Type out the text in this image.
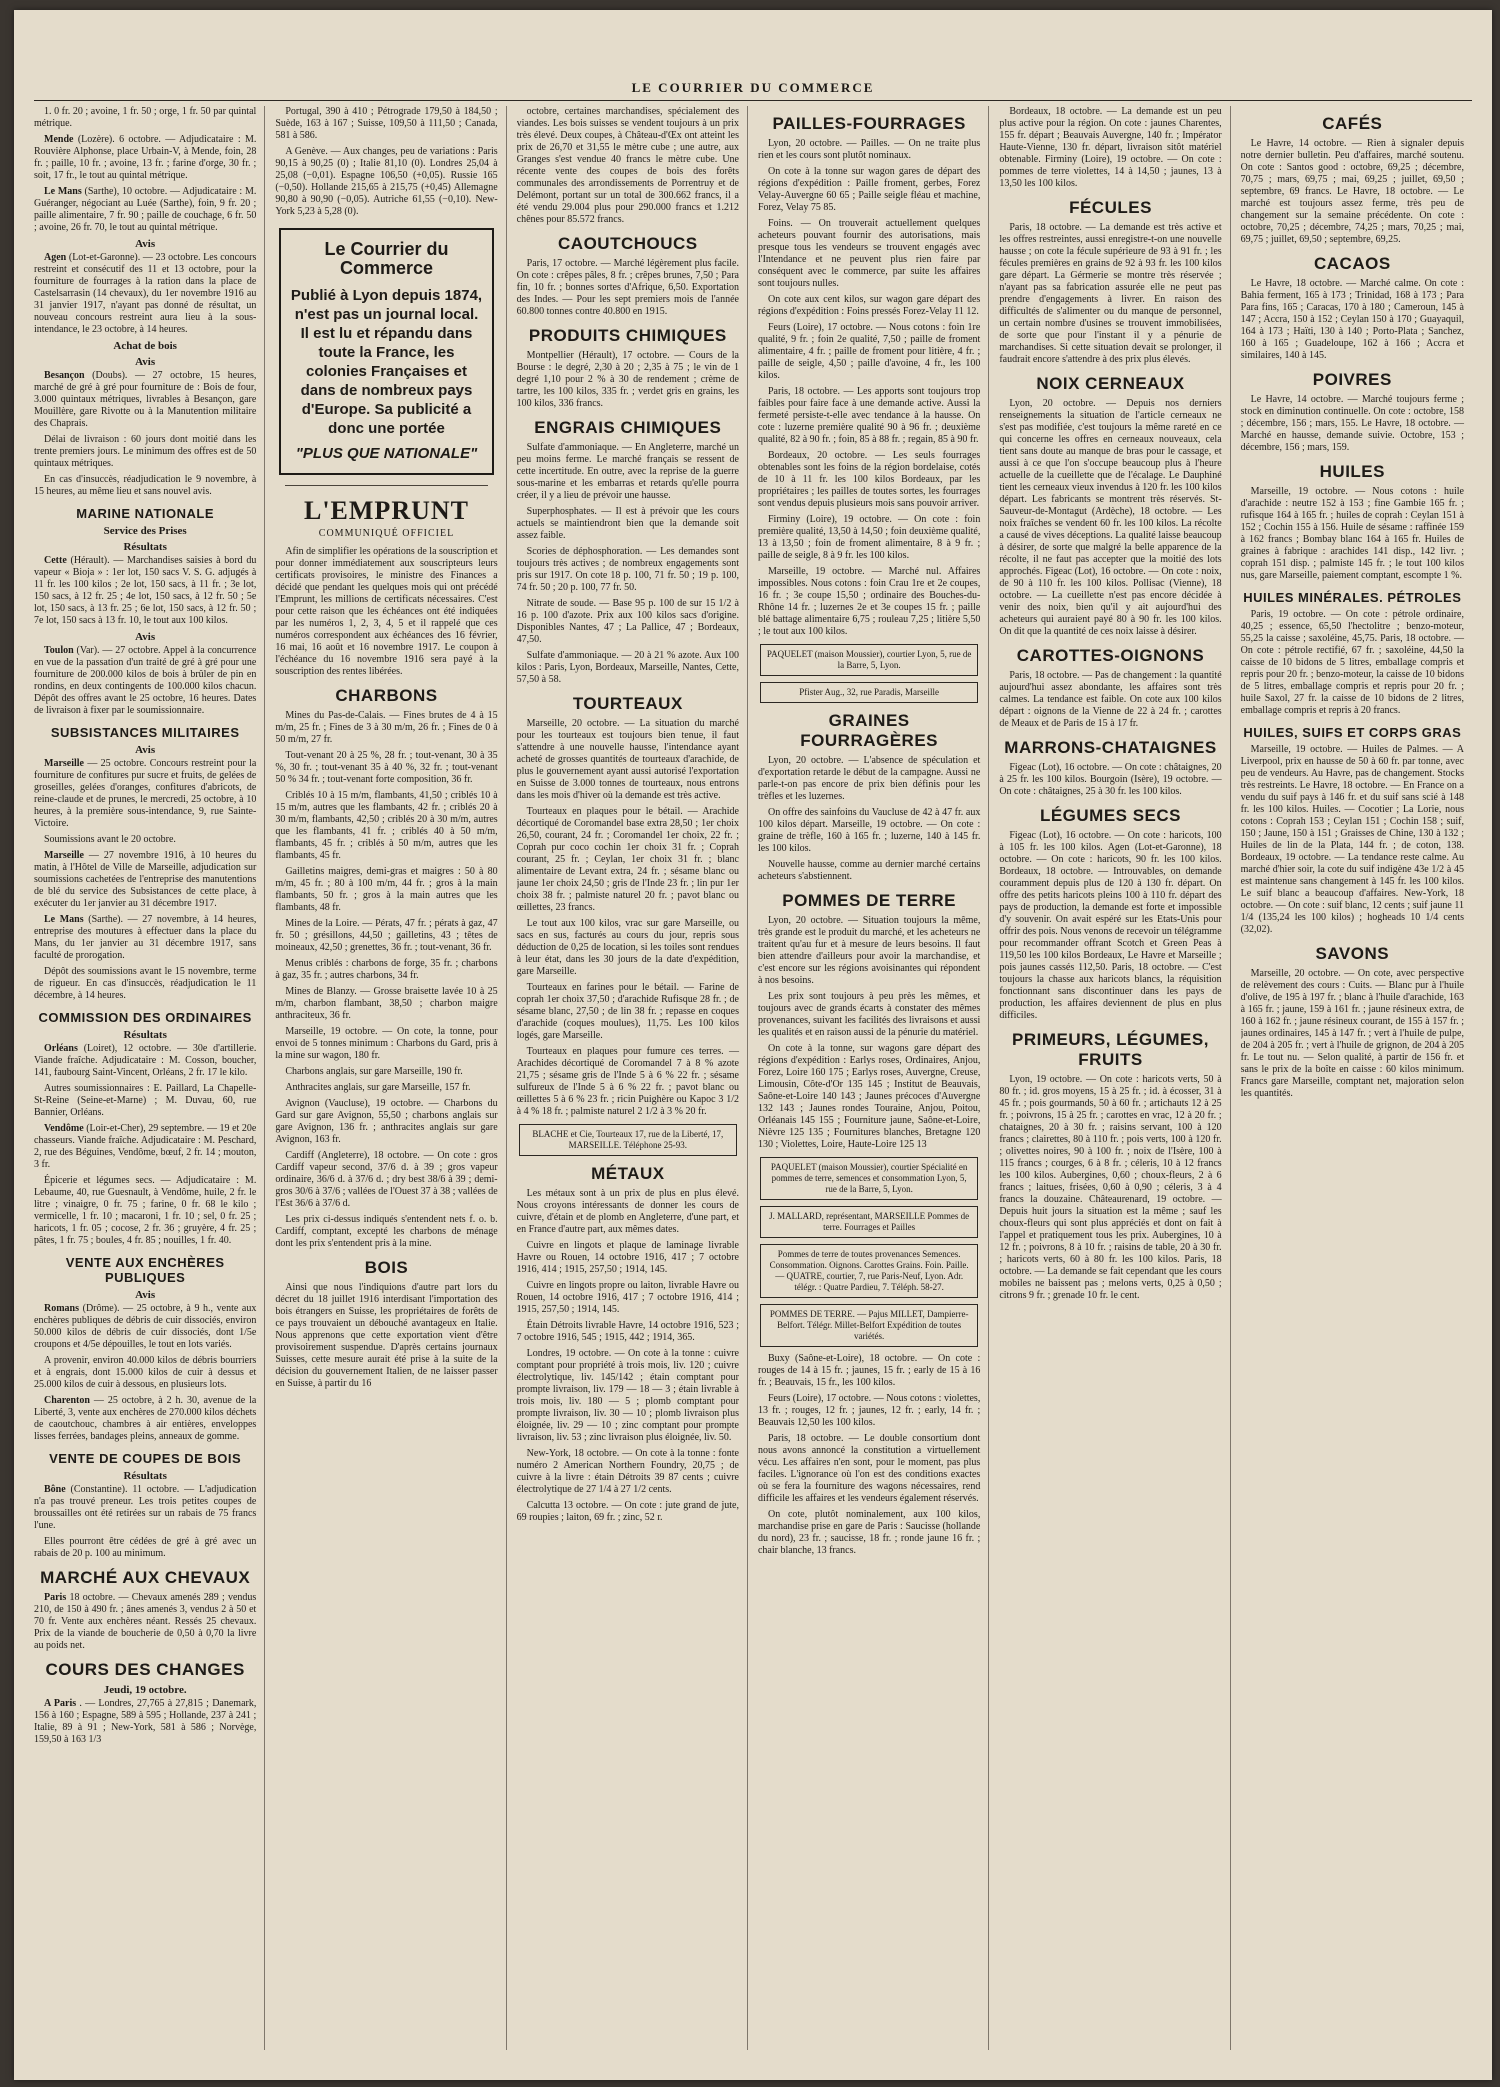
LE COURRIER DU COMMERCE

1. 0 fr. 20 ; avoine, 1 fr. 50 ; orge, 1 fr. 50 par quintal métrique.

Mende (Lozère). 6 octobre. — Adjudicataire : M. Rouvière Alphonse, place Urbain-V, à Mende, foin, 28 fr. ; paille, 10 fr. ; avoine, 13 fr. ; farine d'orge, 30 fr. ; soit, 17 fr., le tout au quintal métrique.

Le Mans (Sarthe), 10 octobre. — Adjudicataire : M. Guéranger, négociant au Luée (Sarthe), foin, 9 fr. 20 ; paille alimentaire, 7 fr. 90 ; paille de couchage, 6 fr. 50 ; avoine, 26 fr. 70, le tout au quintal métrique.

Avis

Agen (Lot-et-Garonne). — 23 octobre. Les concours restreint et consécutif des 11 et 13 octobre, pour la fourniture de fourrages à la ration dans la place de Castelsarrasin (14 chevaux), du 1er novembre 1916 au 31 janvier 1917, n'ayant pas donné de résultat, un nouveau concours restreint aura lieu à la sous-intendance, le 23 octobre, à 14 heures.

Achat de bois
Avis

Besançon (Doubs). — 27 octobre, 15 heures, marché de gré à gré pour fourniture de : Bois de four, 3.000 quintaux métriques, livrables à Besançon, gare Mouillère, gare Rivotte ou à la Manutention militaire des Chaprais.

Délai de livraison : 60 jours dont moitié dans les trente premiers jours. Le minimum des offres est de 50 quintaux métriques.

En cas d'insuccès, réadjudication le 9 novembre, à 15 heures, au même lieu et sans nouvel avis.

MARINE NATIONALE
Service des Prises
Résultats

Cette (Hérault). — Marchandises saisies à bord du vapeur « Bioja » : 1er lot, 150 sacs V. S. G. adjugés à 11 fr. les 100 kilos ; 2e lot, 150 sacs, à 11 fr. ; 3e lot, 150 sacs, à 12 fr. 25 ; 4e lot, 150 sacs, à 12 fr. 50 ; 5e lot, 150 sacs, à 13 fr. 25 ; 6e lot, 150 sacs, à 12 fr. 50 ; 7e lot, 150 sacs à 13 fr. 10, le tout aux 100 kilos.

Avis

Toulon (Var). — 27 octobre. Appel à la concurrence en vue de la passation d'un traité de gré à gré pour une fourniture de 200.000 kilos de bois à brûler de pin en rondins, en deux contingents de 100.000 kilos chacun. Dépôt des offres avant le 25 octobre, 16 heures. Dates de livraison à fixer par le soumissionnaire.

SUBSISTANCES MILITAIRES
Avis

Marseille — 25 octobre. Concours restreint pour la fourniture de confitures pur sucre et fruits, de gelées de groseilles, gelées d'oranges, confitures d'abricots, de reine-claude et de prunes, le mercredi, 25 octobre, à 10 heures, à la première sous-intendance, 9, rue Sainte-Victoire.

Soumissions avant le 20 octobre.

Marseille — 27 novembre 1916, à 10 heures du matin, à l'Hôtel de Ville de Marseille, adjudication sur soumissions cachetées de l'entreprise des manutentions de blé du service des Subsistances de cette place, à exécuter du 1er janvier au 31 décembre 1917.

Le Mans (Sarthe). — 27 novembre, à 14 heures, entreprise des moutures à effectuer dans la place du Mans, du 1er janvier au 31 décembre 1917, sans faculté de prorogation.

Dépôt des soumissions avant le 15 novembre, terme de rigueur. En cas d'insuccès, réadjudication le 11 décembre, à 14 heures.

COMMISSION DES ORDINAIRES
Résultats

Orléans (Loiret), 12 octobre. — 30e d'artillerie. Viande fraîche. Adjudicataire : M. Cosson, boucher, 141, faubourg Saint-Vincent, Orléans, 2 fr. 17 le kilo.

Autres soumissionnaires : E. Paillard, La Chapelle-St-Reine (Seine-et-Marne) ; M. Duvau, 60, rue Bannier, Orléans.

Vendôme (Loir-et-Cher), 29 septembre. — 19 et 20e chasseurs. Viande fraîche. Adjudicataire : M. Peschard, 2, rue des Béguines, Vendôme, bœuf, 2 fr. 14 ; mouton, 3 fr.

Épicerie et légumes secs. — Adjudicataire : M. Lebaume, 40, rue Guesnault, à Vendôme, huile, 2 fr. le litre ; vinaigre, 0 fr. 75 ; farine, 0 fr. 68 le kilo ; vermicelle, 1 fr. 10 ; macaroni, 1 fr. 10 ; sel, 0 fr. 25 ; haricots, 1 fr. 05 ; cocose, 2 fr. 36 ; gruyère, 4 fr. 25 ; pâtes, 1 fr. 75 ; boules, 4 fr. 85 ; nouilles, 1 fr. 40.

VENTE AUX ENCHÈRES PUBLIQUES
Avis

Romans (Drôme). — 25 octobre, à 9 h., vente aux enchères publiques de débris de cuir dissociés, environ 50.000 kilos de débris de cuir dissociés, dont 1/5e croupons et 4/5e dépouilles, le tout en lots variés.

A provenir, environ 40.000 kilos de débris bourriers et à engrais, dont 15.000 kilos de cuir à dessus et 25.000 kilos de cuir à dessous, en plusieurs lots.

Charenton — 25 octobre, à 2 h. 30, avenue de la Liberté, 3, vente aux enchères de 270.000 kilos déchets de caoutchouc, chambres à air entières, enveloppes lisses ferrées, bandages pleins, anneaux de gomme.

VENTE DE COUPES DE BOIS
Résultats

Bône (Constantine). 11 octobre. — L'adjudication n'a pas trouvé preneur. Les trois petites coupes de broussailles ont été retirées sur un rabais de 75 francs l'une.

Elles pourront être cédées de gré à gré avec un rabais de 20 p. 100 au minimum.

MARCHÉ AUX CHEVAUX

Paris 18 octobre. — Chevaux amenés 289 ; vendus 210, de 150 à 490 fr. ; ânes amenés 3, vendus 2 à 50 et 70 fr. Vente aux enchères néant. Ressés 25 chevaux. Prix de la viande de boucherie de 0,50 à 0,70 la livre au poids net.

COURS DES CHANGES
Jeudi, 19 octobre.

A Paris . — Londres, 27,765 à 27,815 ; Danemark, 156 à 160 ; Espagne, 589 à 595 ; Hollande, 237 à 241 ; Italie, 89 à 91 ; New-York, 581 à 586 ; Norvège, 159,50 à 163 1/3

Portugal, 390 à 410 ; Pétrograde 179,50 à 184,50 ; Suède, 163 à 167 ; Suisse, 109,50 à 111,50 ; Canada, 581 à 586.

A Genève. — Aux changes, peu de variations : Paris 90,15 à 90,25 (0) ; Italie 81,10 (0). Londres 25,04 à 25,08 (−0,01). Espagne 106,50 (+0,05). Russie 165 (−0,50). Hollande 215,65 à 215,75 (+0,45) Allemagne 90,80 à 90,90 (−0,05). Autriche 61,55 (−0,10). New-York 5,23 à 5,28 (0).

Le Courrier du Commerce
Publié à Lyon depuis 1874, n'est pas un journal local. Il est lu et répandu dans toute la France, les colonies Françaises et dans de nombreux pays d'Europe. Sa publicité a donc une portée
"PLUS QUE NATIONALE"
L'EMPRUNT
COMMUNIQUÉ OFFICIEL

Afin de simplifier les opérations de la souscription et pour donner immédiatement aux souscripteurs leurs certificats provisoires, le ministre des Finances a décidé que pendant les quelques mois qui ont précédé l'Emprunt, les millions de certificats nécessaires. C'est pour cette raison que les échéances ont été indiquées par les numéros 1, 2, 3, 4, 5 et il rappelé que ces numéros correspondent aux échéances des 16 février, 16 mai, 16 août et 16 novembre 1917. Le coupon à l'échéance du 16 novembre 1916 sera payé à la souscription des rentes libérées.

CHARBONS

Mines du Pas-de-Calais. — Fines brutes de 4 à 15 m/m, 25 fr. ; Fines de 3 à 30 m/m, 26 fr. ; Fines de 0 à 50 m/m, 27 fr.

Tout-venant 20 à 25 %, 28 fr. ; tout-venant, 30 à 35 %, 30 fr. ; tout-venant 35 à 40 %, 32 fr. ; tout-venant 50 % 34 fr. ; tout-venant forte composition, 36 fr.

Criblés 10 à 15 m/m, flambants, 41,50 ; criblés 10 à 15 m/m, autres que les flambants, 42 fr. ; criblés 20 à 30 m/m, flambants, 42,50 ; criblés 20 à 30 m/m, autres que les flambants, 41 fr. ; criblés 40 à 50 m/m, flambants, 45 fr. ; criblés à 50 m/m, autres que les flambants, 45 fr.

Gailletins maigres, demi-gras et maigres : 50 à 80 m/m, 45 fr. ; 80 à 100 m/m, 44 fr. ; gros à la main flambants, 50 fr. ; gros à la main autres que les flambants, 48 fr.

Mines de la Loire. — Pérats, 47 fr. ; pérats à gaz, 47 fr. 50 ; grésillons, 44,50 ; gailletins, 43 ; têtes de moineaux, 42,50 ; grenettes, 36 fr. ; tout-venant, 36 fr.

Menus criblés : charbons de forge, 35 fr. ; charbons à gaz, 35 fr. ; autres charbons, 34 fr.

Mines de Blanzy. — Grosse braisette lavée 10 à 25 m/m, charbon flambant, 38,50 ; charbon maigre anthraciteux, 36 fr.

Marseille, 19 octobre. — On cote, la tonne, pour envoi de 5 tonnes minimum : Charbons du Gard, pris à la mine sur wagon, 180 fr.

Charbons anglais, sur gare Marseille, 190 fr.

Anthracites anglais, sur gare Marseille, 157 fr.

Avignon (Vaucluse), 19 octobre. — Charbons du Gard sur gare Avignon, 55,50 ; charbons anglais sur gare Avignon, 136 fr. ; anthracites anglais sur gare Avignon, 163 fr.

Cardiff (Angleterre), 18 octobre. — On cote : gros Cardiff vapeur second, 37/6 d. à 39 ; gros vapeur ordinaire, 36/6 d. à 37/6 d. ; dry best 38/6 à 39 ; demi-gros 30/6 à 37/6 ; vallées de l'Ouest 37 à 38 ; vallées de l'Est 36/6 à 37/6 d.

Les prix ci-dessus indiqués s'entendent nets f. o. b. Cardiff, comptant, excepté les charbons de ménage dont les prix s'entendent pris à la mine.

BOIS

Ainsi que nous l'indiquions d'autre part lors du décret du 18 juillet 1916 interdisant l'importation des bois étrangers en Suisse, les propriétaires de forêts de ce pays trouvaient un débouché avantageux en Italie. Nous apprenons que cette exportation vient d'être provisoirement suspendue. D'après certains journaux Suisses, cette mesure aurait été prise à la suite de la décision du gouvernement Italien, de ne laisser passer en Suisse, à partir du 16

octobre, certaines marchandises, spécialement des viandes. Les bois suisses se vendent toujours à un prix très élevé. Deux coupes, à Château-d'Œx ont atteint les prix de 26,70 et 31,55 le mètre cube ; une autre, aux Granges s'est vendue 40 francs le mètre cube. Une récente vente des coupes de bois des forêts communales des arrondissements de Porrentruy et de Delémont, portant sur un total de 300.662 francs, il a été vendu 29.004 plus pour 290.000 francs et 1.212 chênes pour 85.572 francs.

CAOUTCHOUCS

Paris, 17 octobre. — Marché légèrement plus facile. On cote : crêpes pâles, 8 fr. ; crêpes brunes, 7,50 ; Para fin, 10 fr. ; bonnes sortes d'Afrique, 6,50. Exportation des Indes. — Pour les sept premiers mois de l'année 60.800 tonnes contre 40.800 en 1915.

PRODUITS CHIMIQUES

Montpellier (Hérault), 17 octobre. — Cours de la Bourse : le degré, 2,30 à 20 ; 2,35 à 75 ; le vin de 1 degré 1,10 pour 2 % à 30 de rendement ; crème de tartre, les 100 kilos, 335 fr. ; verdet gris en grains, les 100 kilos, 336 francs.

ENGRAIS CHIMIQUES

Sulfate d'ammoniaque. — En Angleterre, marché un peu moins ferme. Le marché français se ressent de cette incertitude. En outre, avec la reprise de la guerre sous-marine et les embarras et retards qu'elle pourra créer, il y a lieu de prévoir une hausse.

Superphosphates. — Il est à prévoir que les cours actuels se maintiendront bien que la demande soit assez faible.

Scories de déphosphoration. — Les demandes sont toujours très actives ; de nombreux engagements sont pris sur 1917. On cote 18 p. 100, 71 fr. 50 ; 19 p. 100, 74 fr. 50 ; 20 p. 100, 77 fr. 50.

Nitrate de soude. — Base 95 p. 100 de sur 15 1/2 à 16 p. 100 d'azote. Prix aux 100 kilos sacs d'origine. Disponibles Nantes, 47 ; La Pallice, 47 ; Bordeaux, 47,50.

Sulfate d'ammoniaque. — 20 à 21 % azote. Aux 100 kilos : Paris, Lyon, Bordeaux, Marseille, Nantes, Cette, 57,50 à 58.

TOURTEAUX

Marseille, 20 octobre. — La situation du marché pour les tourteaux est toujours bien tenue, il faut s'attendre à une nouvelle hausse, l'intendance ayant acheté de grosses quantités de tourteaux d'arachide, de plus le gouvernement ayant aussi autorisé l'exportation en Suisse de 3.000 tonnes de tourteaux, nous entrons dans les mois d'hiver où la demande est très active.

Tourteaux en plaques pour le bétail. — Arachide décortiqué de Coromandel base extra 28,50 ; 1er choix 26,50, courant, 24 fr. ; Coromandel 1er choix, 22 fr. ; Coprah pur coco cochin 1er choix 31 fr. ; Coprah courant, 25 fr. ; Ceylan, 1er choix 31 fr. ; blanc alimentaire de Levant extra, 24 fr. ; sésame blanc ou jaune 1er choix 24,50 ; gris de l'Inde 23 fr. ; lin pur 1er choix 38 fr. ; palmiste naturel 20 fr. ; pavot blanc ou œillettes, 23 francs.

Le tout aux 100 kilos, vrac sur gare Marseille, ou sacs en sus, facturés au cours du jour, repris sous déduction de 0,25 de location, si les toiles sont rendues à leur état, dans les 30 jours de la date d'expédition, gare Marseille.

Tourteaux en farines pour le bétail. — Farine de coprah 1er choix 37,50 ; d'arachide Rufisque 28 fr. ; de sésame blanc, 27,50 ; de lin 38 fr. ; repasse en coques d'arachide (coques moulues), 11,75. Les 100 kilos logés, gare Marseille.

Tourteaux en plaques pour fumure ces terres. — Arachides décortiqué de Coromandel 7 à 8 % azote 21,75 ; sésame gris de l'Inde 5 à 6 % 22 fr. ; sésame sulfureux de l'Inde 5 à 6 % 22 fr. ; pavot blanc ou œillettes 5 à 6 % 23 fr. ; ricin Puighère ou Kapoc 3 1/2 à 4 % 18 fr. ; palmiste naturel 2 1/2 à 3 % 20 fr.

BLACHE et Cie, Tourteaux 17, rue de la Liberté, 17, MARSEILLE. Téléphone 25-93.
MÉTAUX

Les métaux sont à un prix de plus en plus élevé. Nous croyons intéressants de donner les cours de cuivre, d'étain et de plomb en Angleterre, d'une part, et en France d'autre part, aux mêmes dates.

Cuivre en lingots et plaque de laminage livrable Havre ou Rouen, 14 octobre 1916, 417 ; 7 octobre 1916, 414 ; 1915, 257,50 ; 1914, 145.

Cuivre en lingots propre ou laiton, livrable Havre ou Rouen, 14 octobre 1916, 417 ; 7 octobre 1916, 414 ; 1915, 257,50 ; 1914, 145.

Étain Détroits livrable Havre, 14 octobre 1916, 523 ; 7 octobre 1916, 545 ; 1915, 442 ; 1914, 365.

Londres, 19 octobre. — On cote à la tonne : cuivre comptant pour propriété à trois mois, liv. 120 ; cuivre électrolytique, liv. 145/142 ; étain comptant pour prompte livraison, liv. 179 — 18 — 3 ; étain livrable à trois mois, liv. 180 — 5 ; plomb comptant pour prompte livraison, liv. 30 — 10 ; plomb livraison plus éloignée, liv. 29 — 10 ; zinc comptant pour prompte livraison, liv. 53 ; zinc livraison plus éloignée, liv. 50.

New-York, 18 octobre. — On cote à la tonne : fonte numéro 2 American Northern Foundry, 20,75 ; de cuivre à la livre : étain Détroits 39 87 cents ; cuivre électrolytique de 27 1/4 à 27 1/2 cents.

Calcutta 13 octobre. — On cote : jute grand de jute, 69 roupies ; laiton, 69 fr. ; zinc, 52 r.

PAILLES-FOURRAGES

Lyon, 20 octobre. — Pailles. — On ne traite plus rien et les cours sont plutôt nominaux.

On cote à la tonne sur wagon gares de départ des régions d'expédition : Paille froment, gerbes, Forez Velay-Auvergne 60 65 ; Paille seigle fléau et machine, Forez, Velay 75 85.

Foins. — On trouverait actuellement quelques acheteurs pouvant fournir des autorisations, mais presque tous les vendeurs se trouvent engagés avec l'Intendance et ne peuvent plus rien faire par conséquent avec le commerce, par suite les affaires sont toujours nulles.

On cote aux cent kilos, sur wagon gare départ des régions d'expédition : Foins pressés Forez-Velay 11 12.

Feurs (Loire), 17 octobre. — Nous cotons : foin 1re qualité, 9 fr. ; foin 2e qualité, 7,50 ; paille de froment alimentaire, 4 fr. ; paille de froment pour litière, 4 fr. ; paille de seigle, 4,50 ; paille d'avoine, 4 fr., les 100 kilos.

Paris, 18 octobre. — Les apports sont toujours trop faibles pour faire face à une demande active. Aussi la fermeté persiste-t-elle avec tendance à la hausse. On cote : luzerne première qualité 90 à 96 fr. ; deuxième qualité, 82 à 90 fr. ; foin, 85 à 88 fr. ; regain, 85 à 90 fr.

Bordeaux, 20 octobre. — Les seuls fourrages obtenables sont les foins de la région bordelaise, cotés de 10 à 11 fr. les 100 kilos Bordeaux, par les propriétaires ; les pailles de toutes sortes, les fourrages sont vendus depuis plusieurs mois sans pouvoir arriver.

Firminy (Loire), 19 octobre. — On cote : foin première qualité, 13,50 à 14,50 ; foin deuxième qualité, 13 à 13,50 ; foin de froment alimentaire, 8 à 9 fr. ; paille de seigle, 8 à 9 fr. les 100 kilos.

Marseille, 19 octobre. — Marché nul. Affaires impossibles. Nous cotons : foin Crau 1re et 2e coupes, 16 fr. ; 3e coupe 15,50 ; ordinaire des Bouches-du-Rhône 14 fr. ; luzernes 2e et 3e coupes 15 fr. ; paille blé battage alimentaire 6,75 ; rouleau 7,25 ; litière 5,50 ; le tout aux 100 kilos.

PAQUELET (maison Moussier), courtier Lyon, 5, rue de la Barre, 5, Lyon.
Pfister Aug., 32, rue Paradis, Marseille
GRAINES FOURRAGÈRES

Lyon, 20 octobre. — L'absence de spéculation et d'exportation retarde le début de la campagne. Aussi ne parle-t-on pas encore de prix bien définis pour les trèfles et les luzernes.

On offre des sainfoins du Vaucluse de 42 à 47 fr. aux 100 kilos départ. Marseille, 19 octobre. — On cote : graine de trèfle, 160 à 165 fr. ; luzerne, 140 à 145 fr. les 100 kilos.

Nouvelle hausse, comme au dernier marché certains acheteurs s'abstiennent.

POMMES DE TERRE

Lyon, 20 octobre. — Situation toujours la même, très grande est le produit du marché, et les acheteurs ne traitent qu'au fur et à mesure de leurs besoins. Il faut bien attendre d'ailleurs pour avoir la marchandise, et c'est encore sur les régions avoisinantes qui répondent à nos besoins.

Les prix sont toujours à peu près les mêmes, et toujours avec de grands écarts à constater des mêmes provenances, suivant les facilités des livraisons et aussi les qualités et en raison aussi de la pénurie du matériel.

On cote à la tonne, sur wagons gare départ des régions d'expédition : Earlys roses, Ordinaires, Anjou, Forez, Loire 160 175 ; Earlys roses, Auvergne, Creuse, Limousin, Côte-d'Or 135 145 ; Institut de Beauvais, Saône-et-Loire 140 143 ; Jaunes précoces d'Auvergne 132 143 ; Jaunes rondes Touraine, Anjou, Poitou, Orléanais 145 155 ; Fourniture jaune, Saône-et-Loire, Nièvre 125 135 ; Fournitures blanches, Bretagne 120 130 ; Violettes, Loire, Haute-Loire 125 13

PAQUELET (maison Moussier), courtier Spécialité en pommes de terre, semences et consommation Lyon, 5, rue de la Barre, 5, Lyon.
J. MALLARD, représentant, MARSEILLE Pommes de terre. Fourrages et Pailles
Pommes de terre de toutes provenances Semences. Consommation. Oignons. Carottes Grains. Foin. Paille. — QUATRE, courtier, 7, rue Paris-Neuf, Lyon. Adr. télégr. : Quatre Pardieu, 7. Téléph. 58-27.
POMMES DE TERRE. — Pajus MILLET, Dampierre-Belfort. Télégr. Millet-Belfort Expédition de toutes variétés.

Buxy (Saône-et-Loire), 18 octobre. — On cote : rouges de 14 à 15 fr. ; jaunes, 15 fr. ; early de 15 à 16 fr. ; Beauvais, 15 fr., les 100 kilos.

Feurs (Loire), 17 octobre. — Nous cotons : violettes, 13 fr. ; rouges, 12 fr. ; jaunes, 12 fr. ; early, 14 fr. ; Beauvais 12,50 les 100 kilos.

Paris, 18 octobre. — Le double consortium dont nous avons annoncé la constitution a virtuellement vécu. Les affaires n'en sont, pour le moment, pas plus faciles. L'ignorance où l'on est des conditions exactes où se fera la fourniture des wagons nécessaires, rend difficile les affaires et les vendeurs également réservés.

On cote, plutôt nominalement, aux 100 kilos, marchandise prise en gare de Paris : Saucisse (hollande du nord), 23 fr. ; saucisse, 18 fr. ; ronde jaune 16 fr. ; chair blanche, 13 francs.

Bordeaux, 18 octobre. — La demande est un peu plus active pour la région. On cote : jaunes Charentes, 155 fr. départ ; Beauvais Auvergne, 140 fr. ; Impérator Haute-Vienne, 130 fr. départ, livraison sitôt matériel obtenable. Firminy (Loire), 19 octobre. — On cote : pommes de terre violettes, 14 à 14,50 ; jaunes, 13 à 13,50 les 100 kilos.

FÉCULES

Paris, 18 octobre. — La demande est très active et les offres restreintes, aussi enregistre-t-on une nouvelle hausse ; on cote la fécule supérieure de 93 à 91 fr. ; les fécules premières en grains de 92 à 93 fr. les 100 kilos gare départ. La Gérmerie se montre très réservée ; n'ayant pas sa fabrication assurée elle ne peut pas prendre d'engagements à livrer. En raison des difficultés de s'alimenter ou du manque de personnel, un certain nombre d'usines se trouvent immobilisées, de sorte que pour l'instant il y a pénurie de marchandises. Si cette situation devait se prolonger, il faudrait encore s'attendre à des prix plus élevés.

NOIX CERNEAUX

Lyon, 20 octobre. — Depuis nos derniers renseignements la situation de l'article cerneaux ne s'est pas modifiée, c'est toujours la même rareté en ce qui concerne les offres en cerneaux nouveaux, cela tient sans doute au manque de bras pour le cassage, et aussi à ce que l'on s'occupe beaucoup plus à l'heure actuelle de la cueillette que de l'écalage. Le Dauphiné tient les cerneaux vieux invendus à 120 fr. les 100 kilos départ. Les fabricants se montrent très réservés. St-Sauveur-de-Montagut (Ardèche), 18 octobre. — Les noix fraîches se vendent 60 fr. les 100 kilos. La récolte a causé de vives déceptions. La qualité laisse beaucoup à désirer, de sorte que malgré la belle apparence de la récolte, il ne faut pas accepter que la moitié des lots approchés. Figeac (Lot), 16 octobre. — On cote : noix, de 90 à 110 fr. les 100 kilos. Pollisac (Vienne), 18 octobre. — La cueillette n'est pas encore décidée à venir des noix, bien qu'il y ait aujourd'hui des acheteurs qui auraient payé 80 à 90 fr. les 100 kilos. On dit que la quantité de ces noix laisse à désirer.

CAROTTES-OIGNONS

Paris, 18 octobre. — Pas de changement : la quantité aujourd'hui assez abondante, les affaires sont très calmes. La tendance est faible. On cote aux 100 kilos départ : oignons de la Vienne de 22 à 24 fr. ; carottes de Meaux et de Paris de 15 à 17 fr.

MARRONS-CHATAIGNES

Figeac (Lot), 16 octobre. — On cote : châtaignes, 20 à 25 fr. les 100 kilos. Bourgoin (Isère), 19 octobre. — On cote : châtaignes, 25 à 30 fr. les 100 kilos.

LÉGUMES SECS

Figeac (Lot), 16 octobre. — On cote : haricots, 100 à 105 fr. les 100 kilos. Agen (Lot-et-Garonne), 18 octobre. — On cote : haricots, 90 fr. les 100 kilos. Bordeaux, 18 octobre. — Introuvables, on demande couramment depuis plus de 120 à 130 fr. départ. On offre des petits haricots pleins 100 à 110 fr. départ des pays de production, la demande est forte et impossible d'y souvenir. On avait espéré sur les Etats-Unis pour offrir des pois. Nous venons de recevoir un télégramme pour recommander offrant Scotch et Green Peas à 119,50 les 100 kilos Bordeaux, Le Havre et Marseille ; pois jaunes cassés 112,50. Paris, 18 octobre. — C'est toujours la chasse aux haricots blancs, la réquisition fonctionnant sans discontinuer dans les pays de production, les affaires deviennent de plus en plus difficiles.

PRIMEURS, LÉGUMES, FRUITS

Lyon, 19 octobre. — On cote : haricots verts, 50 à 80 fr. ; id. gros moyens, 15 à 25 fr. ; id. à écosser, 31 à 45 fr. ; pois gourmands, 50 à 60 fr. ; artichauts 12 à 25 fr. ; poivrons, 15 à 25 fr. ; carottes en vrac, 12 à 20 fr. ; chataignes, 20 à 30 fr. ; raisins servant, 100 à 120 francs ; clairettes, 80 à 110 fr. ; pois verts, 100 à 120 fr. ; olivettes noires, 90 à 100 fr. ; noix de l'Isère, 100 à 115 francs ; courges, 6 à 8 fr. ; céleris, 10 à 12 francs les 100 kilos. Aubergines, 0,60 ; choux-fleurs, 2 à 6 francs ; laitues, frisées, 0,60 à 0,90 ; céleris, 3 à 4 francs la douzaine. Châteaurenard, 19 octobre. — Depuis huit jours la situation est la même ; sauf les choux-fleurs qui sont plus appréciés et dont on fait à l'appel et pratiquement tous les prix. Aubergines, 10 à 12 fr. ; poivrons, 8 à 10 fr. ; raisins de table, 20 à 30 fr. ; haricots verts, 60 à 80 fr. les 100 kilos. Paris, 18 octobre. — La demande se fait cependant que les cours mobiles ne baissent pas ; melons verts, 0,25 à 0,50 ; citrons 9 fr. ; grenade 10 fr. le cent.

CAFÉS

Le Havre, 14 octobre. — Rien à signaler depuis notre dernier bulletin. Peu d'affaires, marché soutenu. On cote : Santos good : octobre, 69,25 ; décembre, 70,75 ; mars, 69,75 ; mai, 69,25 ; juillet, 69,50 ; septembre, 69 francs. Le Havre, 18 octobre. — Le marché est toujours assez ferme, très peu de changement sur la semaine précédente. On cote : octobre, 70,25 ; décembre, 74,25 ; mars, 70,25 ; mai, 69,75 ; juillet, 69,50 ; septembre, 69,25.

CACAOS

Le Havre, 18 octobre. — Marché calme. On cote : Bahia ferment, 165 à 173 ; Trinidad, 168 à 173 ; Para Para fins, 165 ; Caracas, 170 à 180 ; Cameroun, 145 à 147 ; Accra, 150 à 152 ; Ceylan 150 à 170 ; Guayaquil, 164 à 173 ; Haïti, 130 à 140 ; Porto-Plata ; Sanchez, 160 à 165 ; Guadeloupe, 162 à 166 ; Accra et similaires, 140 à 145.

POIVRES

Le Havre, 14 octobre. — Marché toujours ferme ; stock en diminution continuelle. On cote : octobre, 158 ; décembre, 156 ; mars, 155. Le Havre, 18 octobre. — Marché en hausse, demande suivie. Octobre, 153 ; décembre, 156 ; mars, 159.

HUILES

Marseille, 19 octobre. — Nous cotons : huile d'arachide : neutre 152 à 153 ; fine Gambie 165 fr. ; rufisque 164 à 165 fr. ; huiles de coprah : Ceylan 151 à 152 ; Cochin 155 à 156. Huile de sésame : raffinée 159 à 162 francs ; Bombay blanc 164 à 165 fr. Huiles de graines à fabrique : arachides 141 disp., 142 livr. ; coprah 151 disp. ; palmiste 145 fr. ; le tout 100 kilos nus, gare Marseille, paiement comptant, escompte 1 %.

HUILES MINÉRALES. PÉTROLES

Paris, 19 octobre. — On cote : pétrole ordinaire, 40,25 ; essence, 65,50 l'hectolitre ; benzo-moteur, 55,25 la caisse ; saxoléine, 45,75. Paris, 18 octobre. — On cote : pétrole rectifié, 67 fr. ; saxoléine, 44,50 la caisse de 10 bidons de 5 litres, emballage compris et repris pour 20 fr. ; benzo-moteur, la caisse de 10 bidons de 5 litres, emballage compris et repris pour 20 fr. ; huile Saxol, 27 fr. la caisse de 10 bidons de 2 litres, emballage compris et repris à 20 francs.

HUILES, SUIFS ET CORPS GRAS

Marseille, 19 octobre. — Huiles de Palmes. — A Liverpool, prix en hausse de 50 à 60 fr. par tonne, avec peu de vendeurs. Au Havre, pas de changement. Stocks très restreints. Le Havre, 18 octobre. — En France on a vendu du suif pays à 146 fr. et du suif sans scié à 148 fr. les 100 kilos. Huiles. — Cocotier ; La Lorie, nous cotons : Coprah 153 ; Ceylan 151 ; Cochin 158 ; suif, 150 ; Jaune, 150 à 151 ; Graisses de Chine, 130 à 132 ; Huiles de lin de la Plata, 144 fr. ; de coton, 138. Bordeaux, 19 octobre. — La tendance reste calme. Au marché d'hier soir, la cote du suif indigène 43e 1/2 à 45 est maintenue sans changement à 145 fr. les 100 kilos. Le suif blanc a beaucoup d'affaires. New-York, 18 octobre. — On cote : suif blanc, 12 cents ; suif jaune 11 1/4 (135,24 les 100 kilos) ; hogheads 10 1/4 cents (32,02).

SAVONS

Marseille, 20 octobre. — On cote, avec perspective de relèvement des cours : Cuits. — Blanc pur à l'huile d'olive, de 195 à 197 fr. ; blanc à l'huile d'arachide, 163 à 165 fr. ; jaune, 159 à 161 fr. ; jaune résineux extra, de 160 à 162 fr. ; jaune résineux courant, de 155 à 157 fr. ; jaunes ordinaires, 145 à 147 fr. ; vert à l'huile de pulpe, de 204 à 205 fr. ; vert à l'huile de grignon, de 204 à 205 fr. Le tout nu. — Selon qualité, à partir de 156 fr. et sans le prix de la boîte en caisse : 60 kilos minimum. Francs gare Marseille, comptant net, majoration selon les quantités.
